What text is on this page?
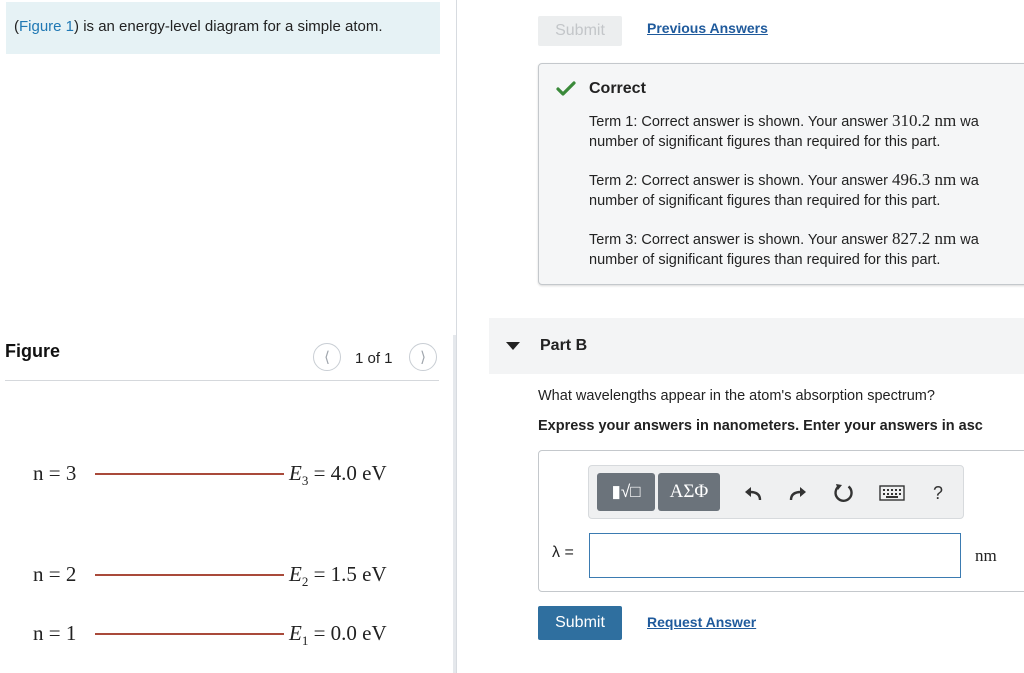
(Figure 1) is an energy-level diagram for a simple atom.
Figure	⟨ 1 of 1 ⟩
n = 3	$E_3 = 4.0$ eV
n = 2	$E_2 = 1.5$ eV
n = 1	$E_1 = 0.0$ eV
Submit	Previous Answers
Correct
Term 1: Correct answer is shown. Your answer 310.2 nm wa
number of significant figures than required for this part.
Term 2: Correct answer is shown. Your answer 496.3 nm wa
number of significant figures than required for this part.
Term 3: Correct answer is shown. Your answer 827.2 nm wa
number of significant figures than required for this part.
Part B
What wavelengths appear in the atom's absorption spectrum?
Express your answers in nanometers. Enter your answers in asc
▮√□	ΑΣΦ	?
λ =	nm
Submit	Request Answer
